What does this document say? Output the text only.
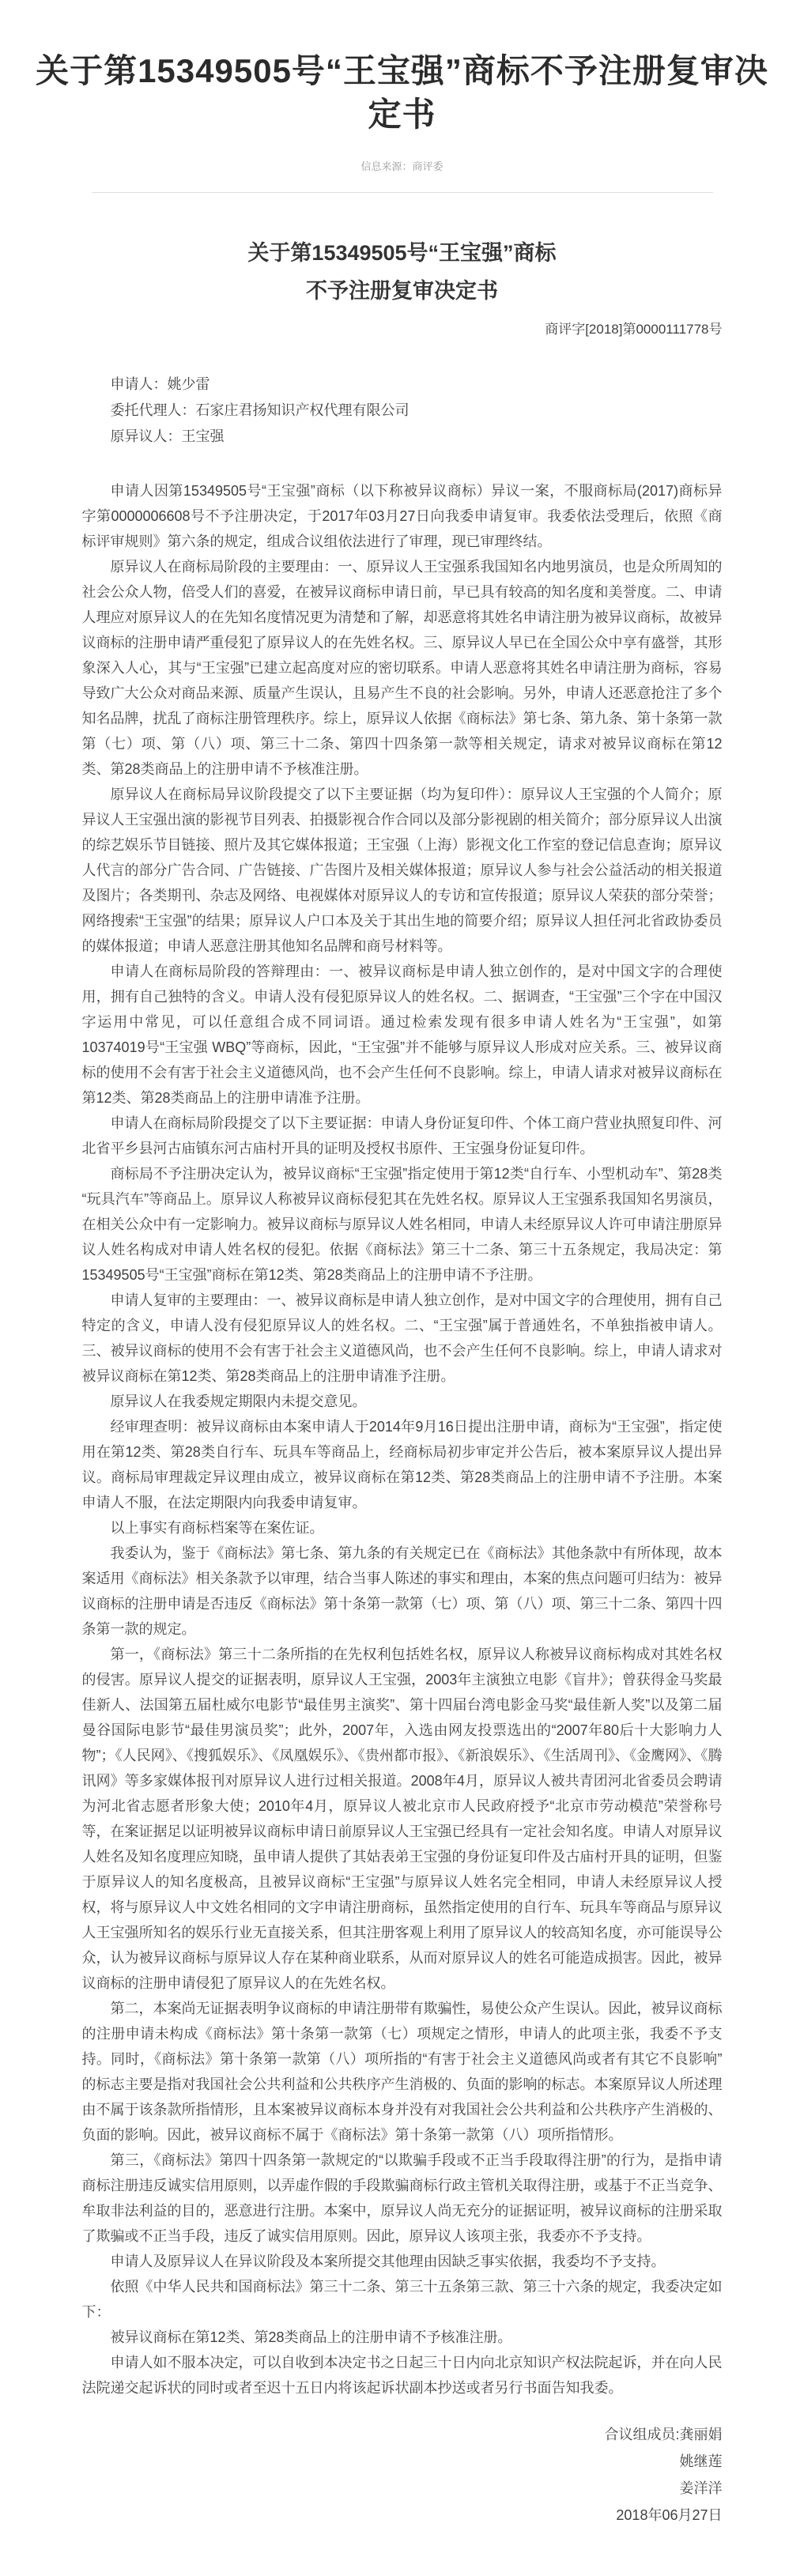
关于第15349505号“王宝强”商标不予注册复审决定书
信息来源：商评委
关于第15349505号“王宝强”商标
不予注册复审决定书
商评字[2018]第0000111778号
申请人：姚少雷
委托代理人：石家庄君扬知识产权代理有限公司
原异议人：王宝强

申请人因第15349505号“王宝强”商标（以下称被异议商标）异议一案，不服商标局(2017)商标异字第0000006608号不予注册决定，于2017年03月27日向我委申请复审。我委依法受理后，依照《商标评审规则》第六条的规定，组成合议组依法进行了审理，现已审理终结。

原异议人在商标局阶段的主要理由：一、原异议人王宝强系我国知名内地男演员，也是众所周知的社会公众人物，倍受人们的喜爱，在被异议商标申请日前，早已具有较高的知名度和美誉度。二、申请人理应对原异议人的在先知名度情况更为清楚和了解，却恶意将其姓名申请注册为被异议商标，故被异议商标的注册申请严重侵犯了原异议人的在先姓名权。三、原异议人早已在全国公众中享有盛誉，其形象深入人心，其与“王宝强”已建立起高度对应的密切联系。申请人恶意将其姓名申请注册为商标，容易导致广大公众对商品来源、质量产生误认，且易产生不良的社会影响。另外，申请人还恶意抢注了多个知名品牌，扰乱了商标注册管理秩序。综上，原异议人依据《商标法》第七条、第九条、第十条第一款第（七）项、第（八）项、第三十二条、第四十四条第一款等相关规定，请求对被异议商标在第12类、第28类商品上的注册申请不予核准注册。

原异议人在商标局异议阶段提交了以下主要证据（均为复印件）：原异议人王宝强的个人简介；原异议人王宝强出演的影视节目列表、拍摄影视合作合同以及部分影视剧的相关简介；部分原异议人出演的综艺娱乐节目链接、照片及其它媒体报道；王宝强（上海）影视文化工作室的登记信息查询；原异议人代言的部分广告合同、广告链接、广告图片及相关媒体报道；原异议人参与社会公益活动的相关报道及图片；各类期刊、杂志及网络、电视媒体对原异议人的专访和宣传报道；原异议人荣获的部分荣誉；网络搜索“王宝强”的结果；原异议人户口本及关于其出生地的简要介绍；原异议人担任河北省政协委员的媒体报道；申请人恶意注册其他知名品牌和商号材料等。

申请人在商标局阶段的答辩理由：一、被异议商标是申请人独立创作的，是对中国文字的合理使用，拥有自己独特的含义。申请人没有侵犯原异议人的姓名权。二、据调查，“王宝强”三个字在中国汉字运用中常见，可以任意组合成不同词语。通过检索发现有很多申请人姓名为“王宝强”，如第10374019号“王宝强 WBQ”等商标，因此，“王宝强”并不能够与原异议人形成对应关系。三、被异议商标的使用不会有害于社会主义道德风尚，也不会产生任何不良影响。综上，申请人请求对被异议商标在第12类、第28类商品上的注册申请准予注册。

申请人在商标局阶段提交了以下主要证据：申请人身份证复印件、个体工商户营业执照复印件、河北省平乡县河古庙镇东河古庙村开具的证明及授权书原件、王宝强身份证复印件。

商标局不予注册决定认为，被异议商标“王宝强”指定使用于第12类“自行车、小型机动车”、第28类“玩具汽车”等商品上。原异议人称被异议商标侵犯其在先姓名权。原异议人王宝强系我国知名男演员，在相关公众中有一定影响力。被异议商标与原异议人姓名相同，申请人未经原异议人许可申请注册原异议人姓名构成对申请人姓名权的侵犯。依据《商标法》第三十二条、第三十五条规定，我局决定：第15349505号“王宝强”商标在第12类、第28类商品上的注册申请不予注册。

申请人复审的主要理由：一、被异议商标是申请人独立创作，是对中国文字的合理使用，拥有自己特定的含义，申请人没有侵犯原异议人的姓名权。二、“王宝强”属于普通姓名，不单独指被申请人。三、被异议商标的使用不会有害于社会主义道德风尚，也不会产生任何不良影响。综上，申请人请求对被异议商标在第12类、第28类商品上的注册申请准予注册。

原异议人在我委规定期限内未提交意见。

经审理查明：被异议商标由本案申请人于2014年9月16日提出注册申请，商标为“王宝强”，指定使用在第12类、第28类自行车、玩具车等商品上，经商标局初步审定并公告后，被本案原异议人提出异议。商标局审理裁定异议理由成立，被异议商标在第12类、第28类商品上的注册申请不予注册。本案申请人不服，在法定期限内向我委申请复审。

以上事实有商标档案等在案佐证。

我委认为，鉴于《商标法》第七条、第九条的有关规定已在《商标法》其他条款中有所体现，故本案适用《商标法》相关条款予以审理，结合当事人陈述的事实和理由，本案的焦点问题可归结为：被异议商标的注册申请是否违反《商标法》第十条第一款第（七）项、第（八）项、第三十二条、第四十四条第一款的规定。

第一，《商标法》第三十二条所指的在先权利包括姓名权，原异议人称被异议商标构成对其姓名权的侵害。原异议人提交的证据表明，原异议人王宝强，2003年主演独立电影《盲井》；曾获得金马奖最佳新人、法国第五届杜威尔电影节“最佳男主演奖”、第十四届台湾电影金马奖“最佳新人奖”以及第二届曼谷国际电影节“最佳男演员奖”；此外，2007年，入选由网友投票选出的“2007年80后十大影响力人物”；《人民网》、《搜狐娱乐》、《凤凰娱乐》、《贵州都市报》、《新浪娱乐》、《生活周刊》、《金鹰网》、《腾讯网》等多家媒体报刊对原异议人进行过相关报道。2008年4月，原异议人被共青团河北省委员会聘请为河北省志愿者形象大使；2010年4月，原异议人被北京市人民政府授予“北京市劳动模范”荣誉称号等，在案证据足以证明被异议商标申请日前原异议人王宝强已经具有一定社会知名度。申请人对原异议人姓名及知名度理应知晓，虽申请人提供了其姑表弟王宝强的身份证复印件及古庙村开具的证明，但鉴于原异议人的知名度极高，且被异议商标“王宝强”与原异议人姓名完全相同，申请人未经原异议人授权，将与原异议人中文姓名相同的文字申请注册商标，虽然指定使用的自行车、玩具车等商品与原异议人王宝强所知名的娱乐行业无直接关系，但其注册客观上利用了原异议人的较高知名度，亦可能误导公众，认为被异议商标与原异议人存在某种商业联系，从而对原异议人的姓名可能造成损害。因此，被异议商标的注册申请侵犯了原异议人的在先姓名权。

第二，本案尚无证据表明争议商标的申请注册带有欺骗性，易使公众产生误认。因此，被异议商标的注册申请未构成《商标法》第十条第一款第（七）项规定之情形，申请人的此项主张，我委不予支持。同时，《商标法》第十条第一款第（八）项所指的“有害于社会主义道德风尚或者有其它不良影响”的标志主要是指对我国社会公共利益和公共秩序产生消极的、负面的影响的标志。本案原异议人所述理由不属于该条款所指情形，且本案被异议商标本身并没有对我国社会公共利益和公共秩序产生消极的、负面的影响。因此，被异议商标不属于《商标法》第十条第一款第（八）项所指情形。

第三，《商标法》第四十四条第一款规定的“以欺骗手段或不正当手段取得注册”的行为，是指申请商标注册违反诚实信用原则，以弄虚作假的手段欺骗商标行政主管机关取得注册，或基于不正当竞争、牟取非法利益的目的，恶意进行注册。本案中，原异议人尚无充分的证据证明，被异议商标的注册采取了欺骗或不正当手段，违反了诚实信用原则。因此，原异议人该项主张，我委亦不予支持。

申请人及原异议人在异议阶段及本案所提交其他理由因缺乏事实依据，我委均不予支持。

依照《中华人民共和国商标法》第三十二条、第三十五条第三款、第三十六条的规定，我委决定如下：

被异议商标在第12类、第28类商品上的注册申请不予核准注册。

申请人如不服本决定，可以自收到本决定书之日起三十日内向北京知识产权法院起诉，并在向人民法院递交起诉状的同时或者至迟十五日内将该起诉状副本抄送或者另行书面告知我委。

合议组成员:龚丽娟
姚继莲
姜洋洋
2018年06月27日
